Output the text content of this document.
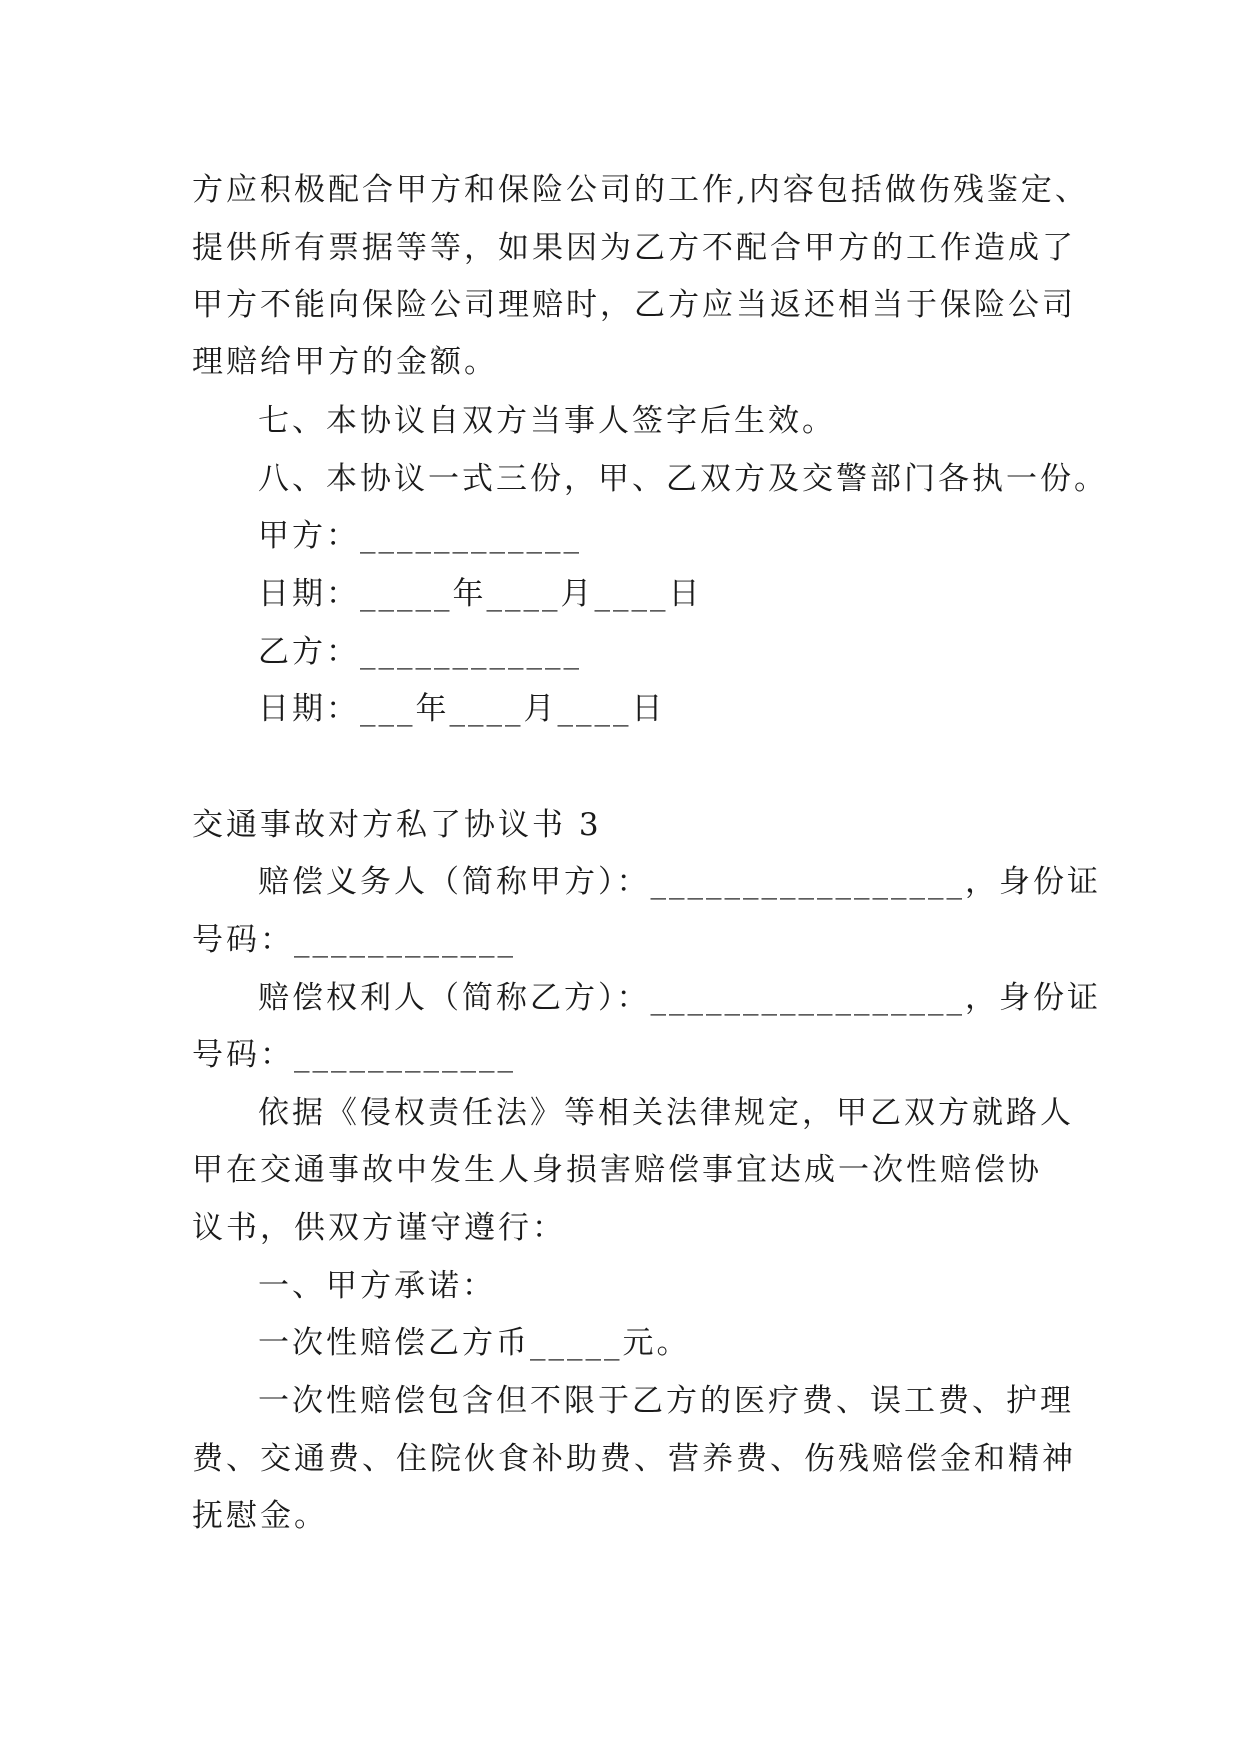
方应积极配合甲方和保险公司的工作,内容包括做伤残鉴定、
提供所有票据等等，如果因为乙方不配合甲方的工作造成了
甲方不能向保险公司理赔时，乙方应当返还相当于保险公司
理赔给甲方的金额。
七、本协议自双方当事人签字后生效。
八、本协议一式三份，甲、乙双方及交警部门各执一份。
甲方：____________
日期：_____年____月____日
乙方：____________
日期：___年____月____日
交通事故对方私了协议书 3
赔偿义务人（简称甲方）：_________________，身份证
号码：____________
赔偿权利人（简称乙方）：_________________，身份证
号码：____________
依据《侵权责任法》等相关法律规定，甲乙双方就路人
甲在交通事故中发生人身损害赔偿事宜达成一次性赔偿协
议书，供双方谨守遵行：
一、甲方承诺：
一次性赔偿乙方币_____元。
一次性赔偿包含但不限于乙方的医疗费、误工费、护理
费、交通费、住院伙食补助费、营养费、伤残赔偿金和精神
抚慰金。
